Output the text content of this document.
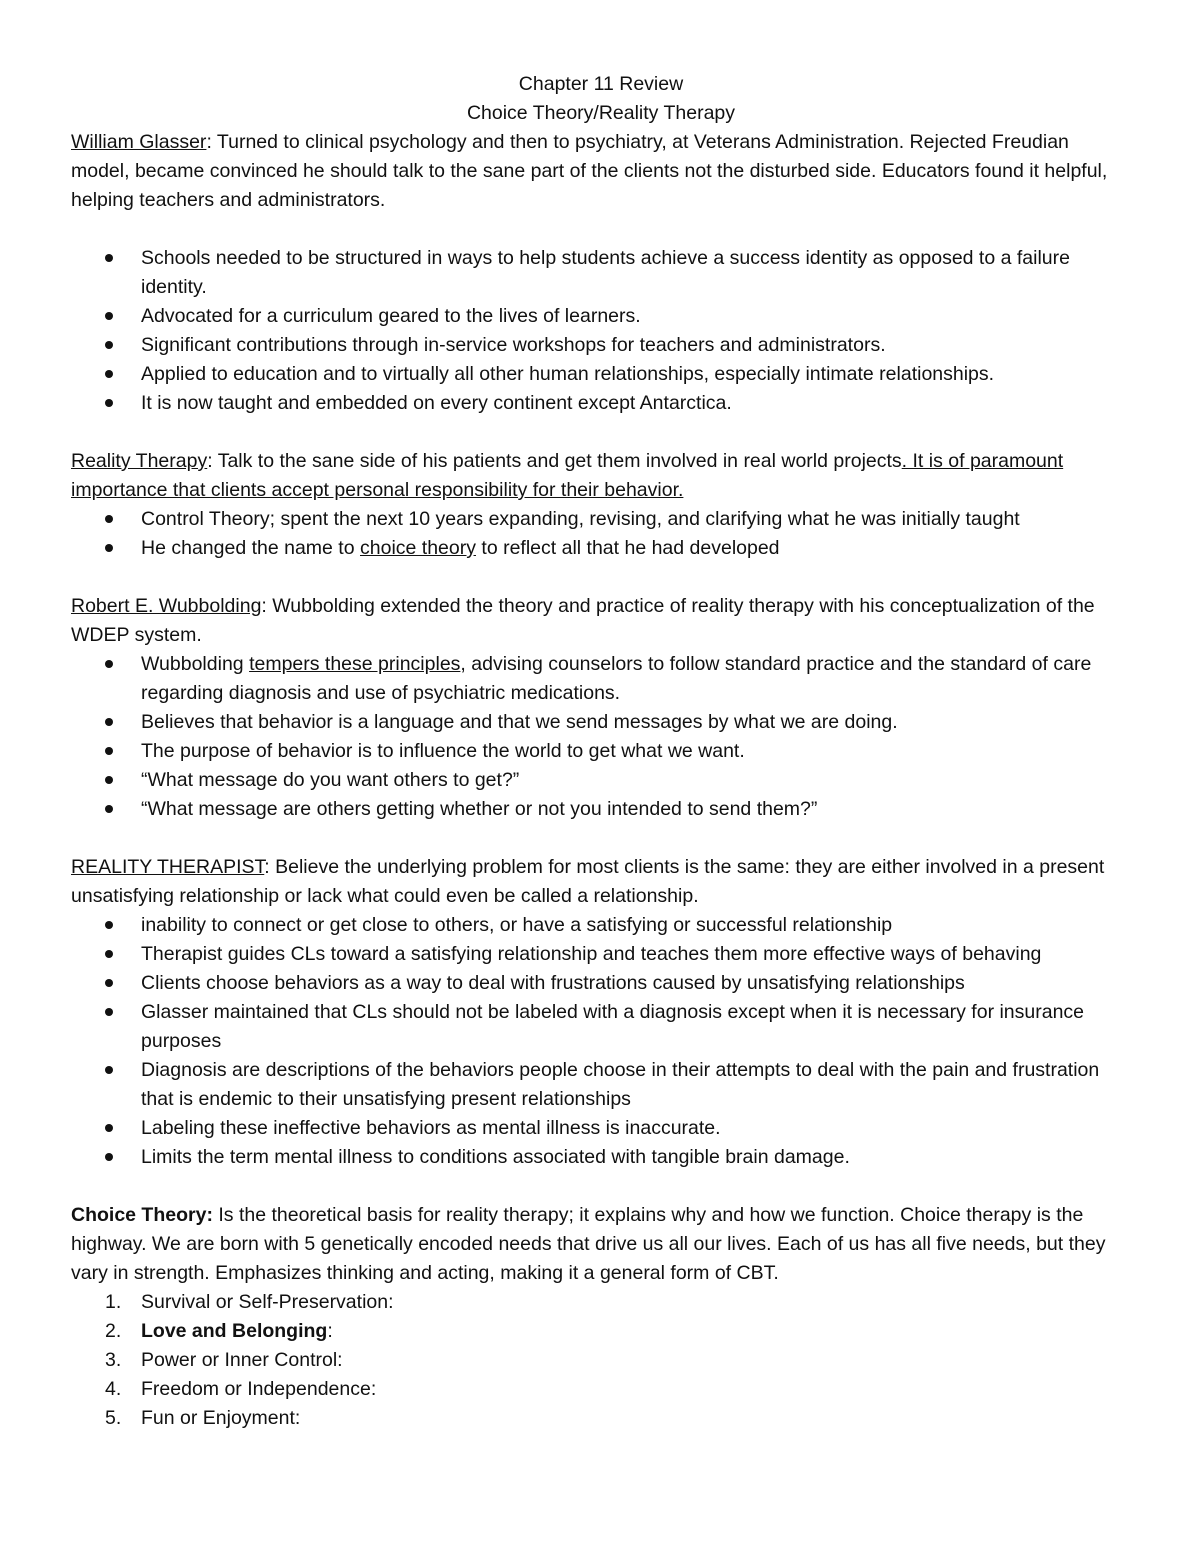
Chapter 11 Review

Choice Theory/Reality Therapy

William Glasser: Turned to clinical psychology and then to psychiatry, at Veterans Administration. Rejected Freudian model, became convinced he should talk to the sane part of the clients not the disturbed side. Educators found it helpful, helping teachers and administrators.

Schools needed to be structured in ways to help students achieve a success identity as opposed to a failure identity.
Advocated for a curriculum geared to the lives of learners.
Significant contributions through in-service workshops for teachers and administrators.
Applied to education and to virtually all other human relationships, especially intimate relationships.
It is now taught and embedded on every continent except Antarctica.

Reality Therapy: Talk to the sane side of his patients and get them involved in real world projects. It is of paramount importance that clients accept personal responsibility for their behavior.

Control Theory; spent the next 10 years expanding, revising, and clarifying what he was initially taught
He changed the name to choice theory to reflect all that he had developed

Robert E. Wubbolding: Wubbolding extended the theory and practice of reality therapy with his conceptualization of the WDEP system.

Wubbolding tempers these principles, advising counselors to follow standard practice and the standard of care regarding diagnosis and use of psychiatric medications.
Believes that behavior is a language and that we send messages by what we are doing.
The purpose of behavior is to influence the world to get what we want.
“What message do you want others to get?”
“What message are others getting whether or not you intended to send them?”

REALITY THERAPIST: Believe the underlying problem for most clients is the same: they are either involved in a present unsatisfying relationship or lack what could even be called a relationship.

inability to connect or get close to others, or have a satisfying or successful relationship
Therapist guides CLs toward a satisfying relationship and teaches them more effective ways of behaving
Clients choose behaviors as a way to deal with frustrations caused by unsatisfying relationships
Glasser maintained that CLs should not be labeled with a diagnosis except when it is necessary for insurance purposes
Diagnosis are descriptions of the behaviors people choose in their attempts to deal with the pain and frustration that is endemic to their unsatisfying present relationships
Labeling these ineffective behaviors as mental illness is inaccurate.
Limits the term mental illness to conditions associated with tangible brain damage.

Choice Theory: Is the theoretical basis for reality therapy; it explains why and how we function. Choice therapy is the highway. We are born with 5 genetically encoded needs that drive us all our lives. Each of us has all five needs, but they vary in strength. Emphasizes thinking and acting, making it a general form of CBT.

1. Survival or Self-Preservation:
2. Love and Belonging:
3. Power or Inner Control:
4. Freedom or Independence:
5. Fun or Enjoyment:
